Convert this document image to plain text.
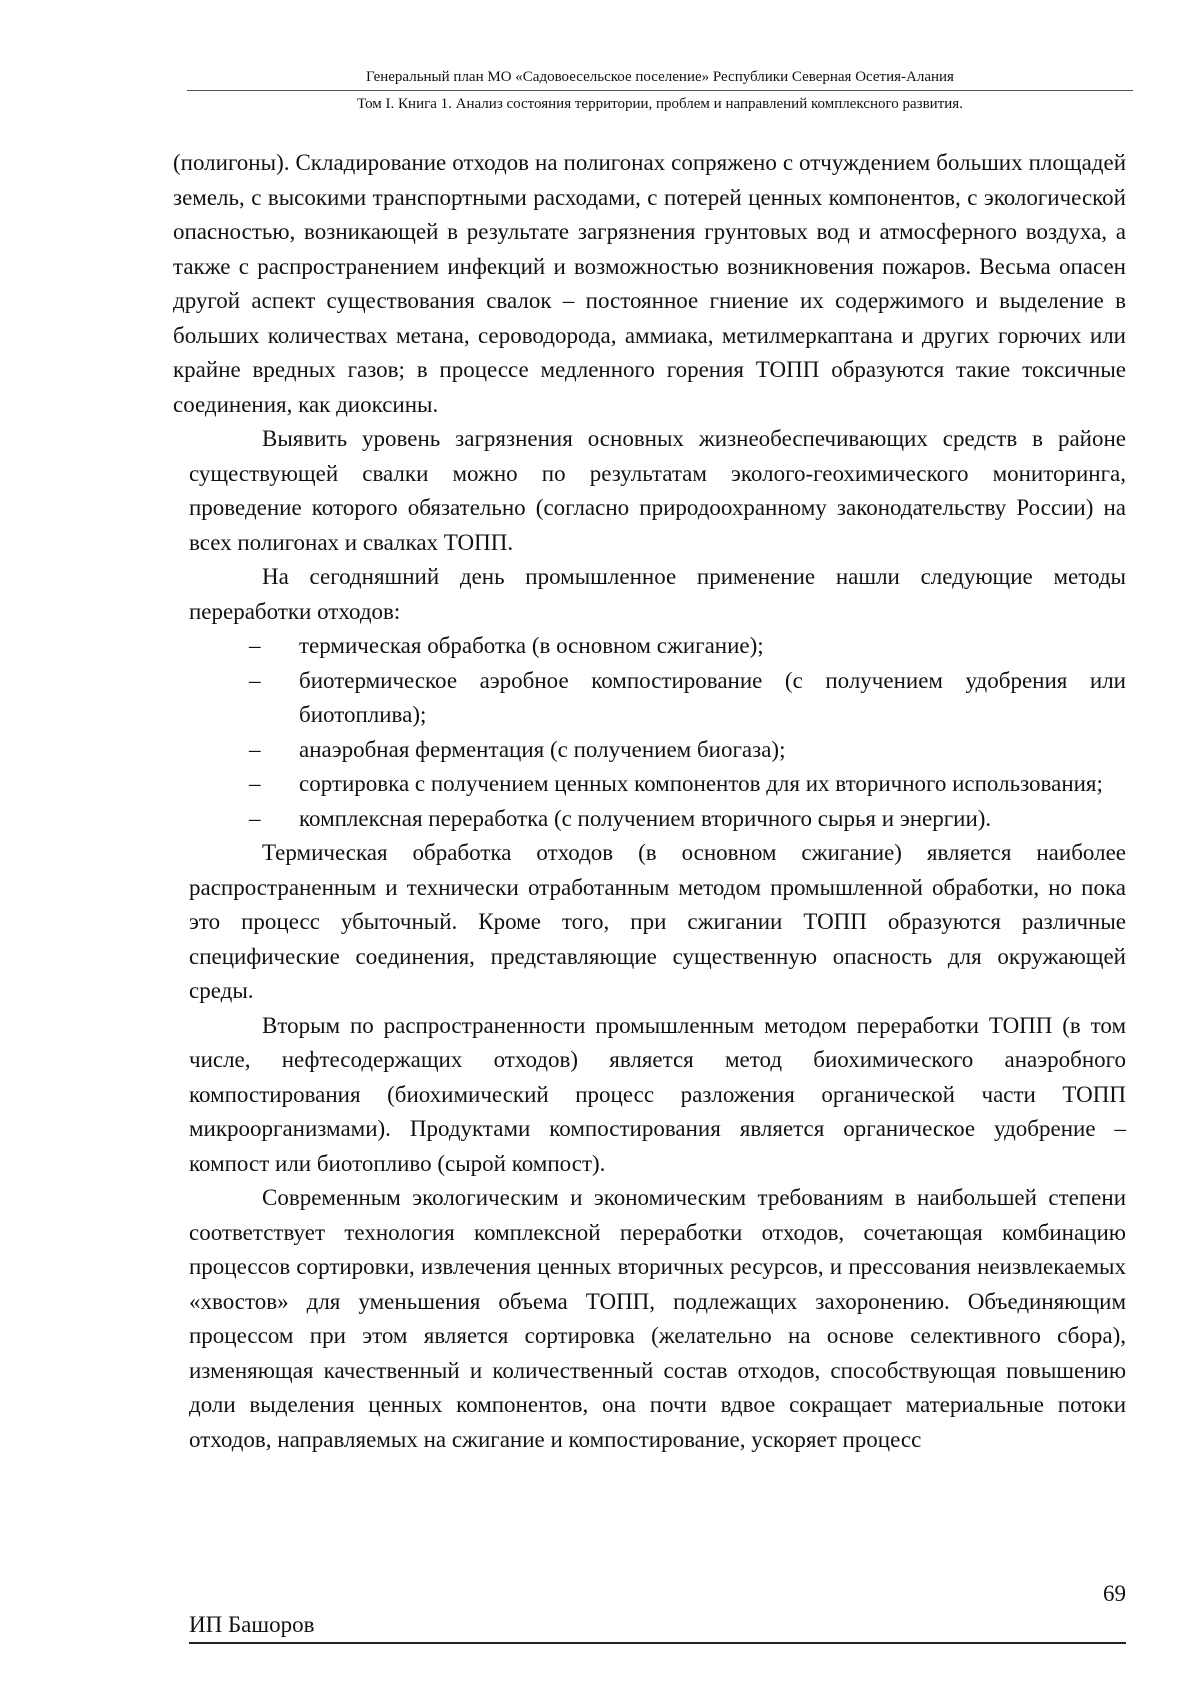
Генеральный план МО «Садовоесельское поселение» Республики Северная Осетия-Алания
Том I. Книга 1. Анализ состояния территории, проблем и направлений комплексного развития.

(полигоны). Складирование отходов на полигонах сопряжено с отчуждением больших площадей земель, с высокими транспортными расходами, с потерей ценных компонентов, с экологической опасностью, возникающей в результате загрязнения грунтовых вод и атмосферного воздуха, а также с распространением инфекций и возможностью возникновения пожаров. Весьма опасен другой аспект существования свалок – постоянное гниение их содержимого и выделение в больших количествах метана, сероводорода, аммиака, метилмеркаптана и других горючих или крайне вредных газов; в процессе медленного горения ТОПП образуются такие токсичные соединения, как диоксины.

Выявить уровень загрязнения основных жизнеобеспечивающих средств в районе существующей свалки можно по результатам эколого-геохимического мониторинга, проведение которого обязательно (согласно природоохранному законодательству России) на всех полигонах и свалках ТОПП.

На сегодняшний день промышленное применение нашли следующие методы переработки отходов:

– термическая обработка (в основном сжигание);
– биотермическое аэробное компостирование (с получением удобрения или биотоплива);
– анаэробная ферментация (с получением биогаза);
– сортировка с получением ценных компонентов для их вторичного использования;
– комплексная переработка (с получением вторичного сырья и энергии).

Термическая обработка отходов (в основном сжигание) является наиболее распространенным и технически отработанным методом промышленной обработки, но пока это процесс убыточный. Кроме того, при сжигании ТОПП образуются различные специфические соединения, представляющие существенную опасность для окружающей среды.

Вторым по распространенности промышленным методом переработки ТОПП (в том числе, нефтесодержащих отходов) является метод биохимического анаэробного компостирования (биохимический процесс разложения органической части ТОПП микроорганизмами). Продуктами компостирования является органическое удобрение – компост или биотопливо (сырой компост).

Современным экологическим и экономическим требованиям в наибольшей степени соответствует технология комплексной переработки отходов, сочетающая комбинацию процессов сортировки, извлечения ценных вторичных ресурсов, и прессования неизвлекаемых «хвостов» для уменьшения объема ТОПП, подлежащих захоронению. Объединяющим процессом при этом является сортировка (желательно на основе селективного сбора), изменяющая качественный и количественный состав отходов, способствующая повышению доли выделения ценных компонентов, она почти вдвое сокращает материальные потоки отходов, направляемых на сжигание и компостирование, ускоряет процесс

69
ИП Башоров
